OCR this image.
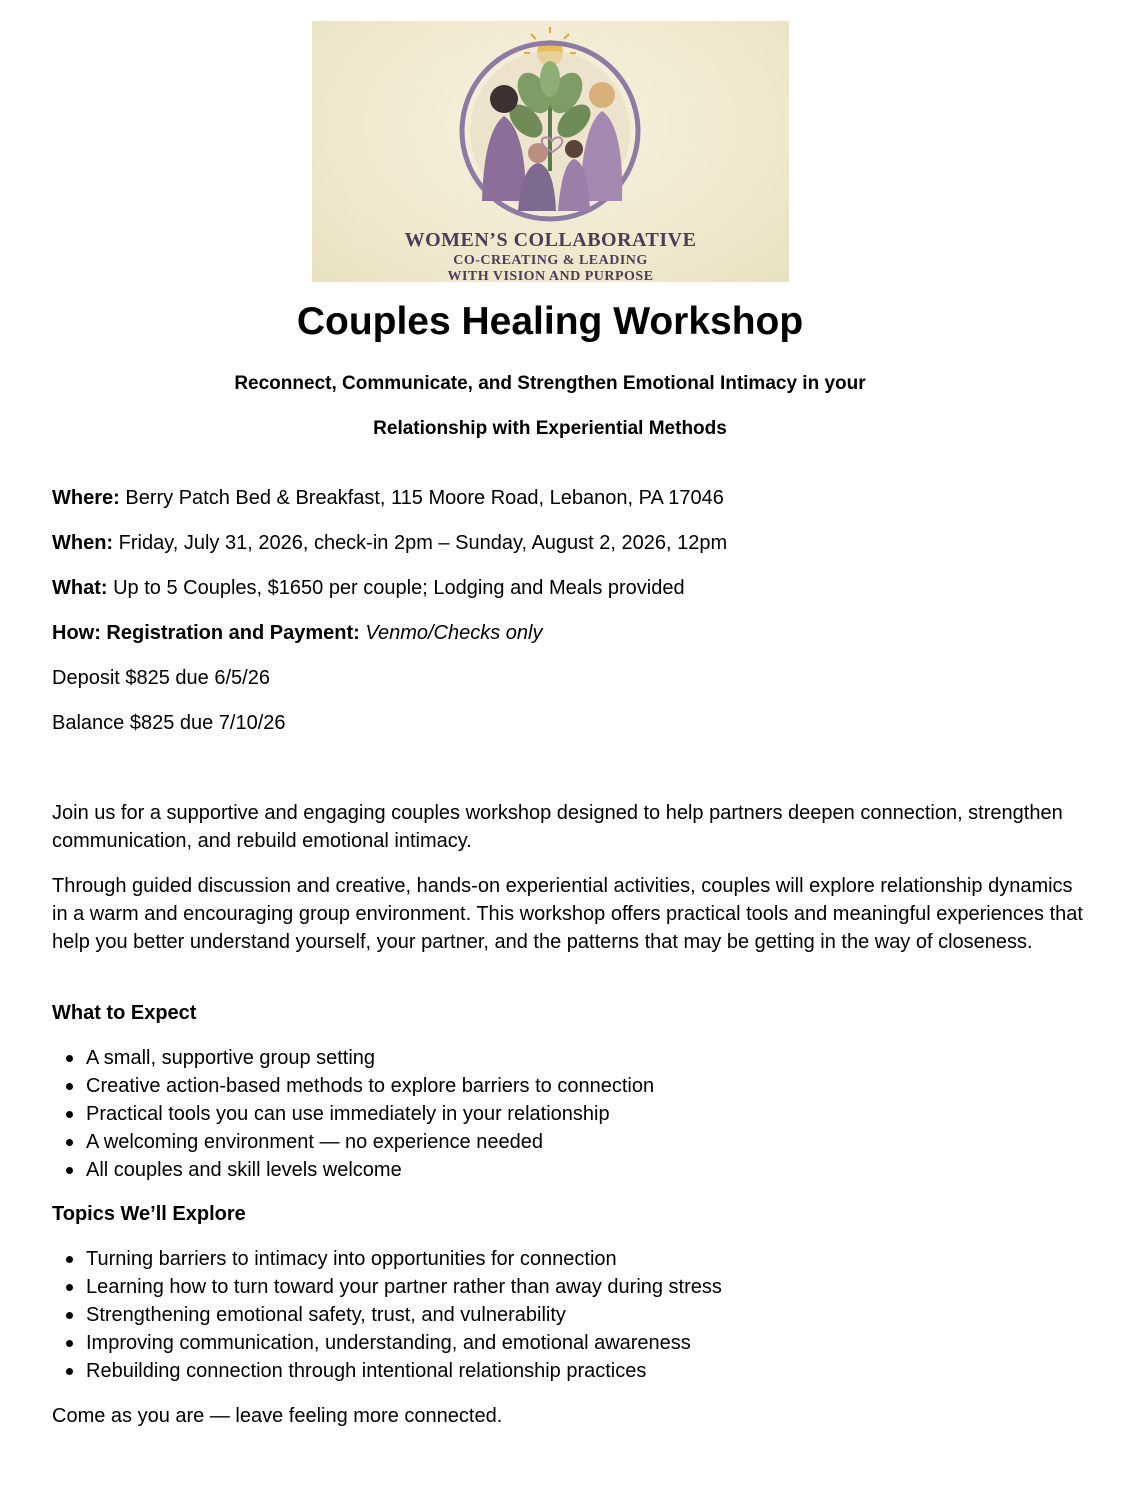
WOMEN’S COLLABORATIVE
CO-CREATING & LEADING
WITH VISION AND PURPOSE
Couples Healing Workshop

Reconnect, Communicate, and Strengthen Emotional Intimacy in your

Relationship with Experiential Methods

Where: Berry Patch Bed & Breakfast, 115 Moore Road, Lebanon, PA 17046

When: Friday, July 31, 2026, check-in 2pm – Sunday, August 2, 2026, 12pm

What: Up to 5 Couples, $1650 per couple; Lodging and Meals provided

How: Registration and Payment: Venmo/Checks only

Deposit $825 due 6/5/26

Balance $825 due 7/10/26

Join us for a supportive and engaging couples workshop designed to help partners deepen connection, strengthen communication, and rebuild emotional intimacy.

Through guided discussion and creative, hands-on experiential activities, couples will explore relationship dynamics in a warm and encouraging group environment. This workshop offers practical tools and meaningful experiences that help you better understand yourself, your partner, and the patterns that may be getting in the way of closeness.

What to Expect

A small, supportive group setting
Creative action-based methods to explore barriers to connection
Practical tools you can use immediately in your relationship
A welcoming environment — no experience needed
All couples and skill levels welcome

Topics We’ll Explore

Turning barriers to intimacy into opportunities for connection
Learning how to turn toward your partner rather than away during stress
Strengthening emotional safety, trust, and vulnerability
Improving communication, understanding, and emotional awareness
Rebuilding connection through intentional relationship practices

Come as you are — leave feeling more connected.
